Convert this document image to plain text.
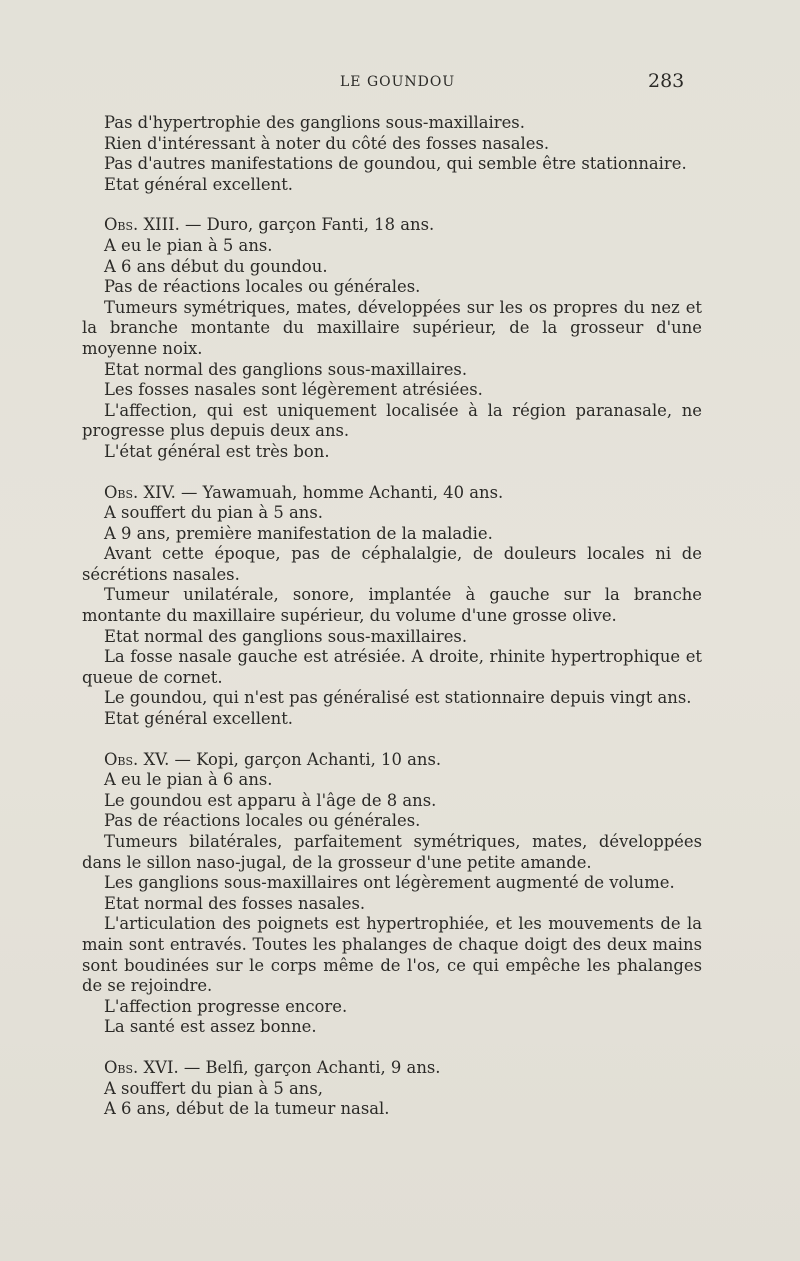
LE GOUNDOU	283

Pas d'hypertrophie des ganglions sous-maxillaires.

Rien d'intéressant à noter du côté des fosses nasales.

Pas d'autres manifestations de goundou, qui semble être stationnaire.

Etat général excellent.

Obs. XIII. — Duro, garçon Fanti, 18 ans.

A eu le pian à 5 ans.

A 6 ans début du goundou.

Pas de réactions locales ou générales.

Tumeurs symétriques, mates, développées sur les os propres du nez et la branche montante du maxillaire supérieur, de la grosseur d'une moyenne noix.

Etat normal des ganglions sous-maxillaires.

Les fosses nasales sont légèrement atrésiées.

L'affection, qui est uniquement localisée à la région paranasale, ne progresse plus depuis deux ans.

L'état général est très bon.

Obs. XIV. — Yawamuah, homme Achanti, 40 ans.

A souffert du pian à 5 ans.

A 9 ans, première manifestation de la maladie.

Avant cette époque, pas de céphalalgie, de douleurs locales ni de sécrétions nasales.

Tumeur unilatérale, sonore, implantée à gauche sur la branche montante du maxillaire supérieur, du volume d'une grosse olive.

Etat normal des ganglions sous-maxillaires.

La fosse nasale gauche est atrésiée. A droite, rhinite hypertrophique et queue de cornet.

Le goundou, qui n'est pas généralisé est stationnaire depuis vingt ans.

Etat général excellent.

Obs. XV. — Kopi, garçon Achanti, 10 ans.

A eu le pian à 6 ans.

Le goundou est apparu à l'âge de 8 ans.

Pas de réactions locales ou générales.

Tumeurs bilatérales, parfaitement symétriques, mates, développées dans le sillon naso-jugal, de la grosseur d'une petite amande.

Les ganglions sous-maxillaires ont légèrement augmenté de volume.

Etat normal des fosses nasales.

L'articulation des poignets est hypertrophiée, et les mouvements de la main sont entravés. Toutes les phalanges de chaque doigt des deux mains sont boudinées sur le corps même de l'os, ce qui empêche les phalanges de se rejoindre.

L'affection progresse encore.

La santé est assez bonne.

Obs. XVI. — Belfi, garçon Achanti, 9 ans.

A souffert du pian à 5 ans,

A 6 ans, début de la tumeur nasal.
